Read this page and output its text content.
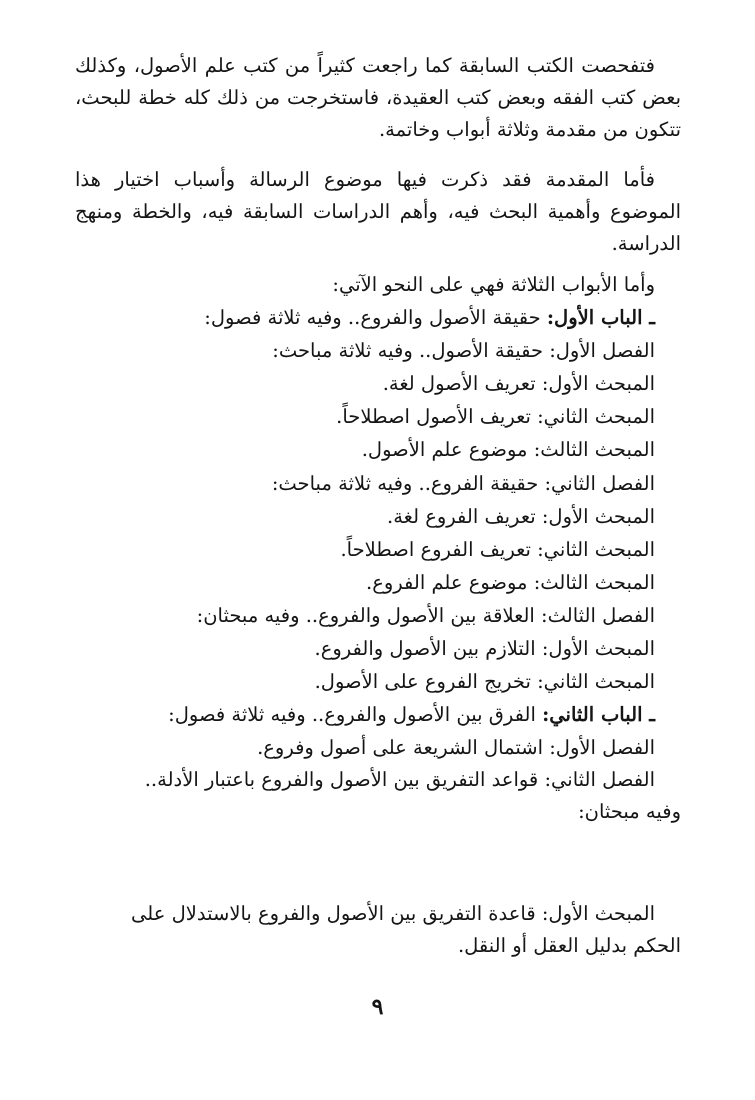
فتفحصت الكتب السابقة كما راجعت كثيراً من كتب علم الأصول، وكذلك بعض كتب الفقه وبعض كتب العقيدة، فاستخرجت من ذلك كله خطة للبحث، تتكون من مقدمة وثلاثة أبواب وخاتمة.

فأما المقدمة فقد ذكرت فيها موضوع الرسالة وأسباب اختيار هذا الموضوع وأهمية البحث فيه، وأهم الدراسات السابقة فيه، والخطة ومنهج الدراسة.

وأما الأبواب الثلاثة فهي على النحو الآتي:
ـ الباب الأول: حقيقة الأصول والفروع.. وفيه ثلاثة فصول:
الفصل الأول: حقيقة الأصول.. وفيه ثلاثة مباحث:
المبحث الأول: تعريف الأصول لغة.
المبحث الثاني: تعريف الأصول اصطلاحاً.
المبحث الثالث: موضوع علم الأصول.
الفصل الثاني: حقيقة الفروع.. وفيه ثلاثة مباحث:
المبحث الأول: تعريف الفروع لغة.
المبحث الثاني: تعريف الفروع اصطلاحاً.
المبحث الثالث: موضوع علم الفروع.
الفصل الثالث: العلاقة بين الأصول والفروع.. وفيه مبحثان:
المبحث الأول: التلازم بين الأصول والفروع.
المبحث الثاني: تخريج الفروع على الأصول.
ـ الباب الثاني: الفرق بين الأصول والفروع.. وفيه ثلاثة فصول:
الفصل الأول: اشتمال الشريعة على أصول وفروع.
الفصل الثاني: قواعد التفريق بين الأصول والفروع باعتبار الأدلة..
وفيه مبحثان:

المبحث الأول: قاعدة التفريق بين الأصول والفروع بالاستدلال على
الحكم بدليل العقل أو النقل.

٩
